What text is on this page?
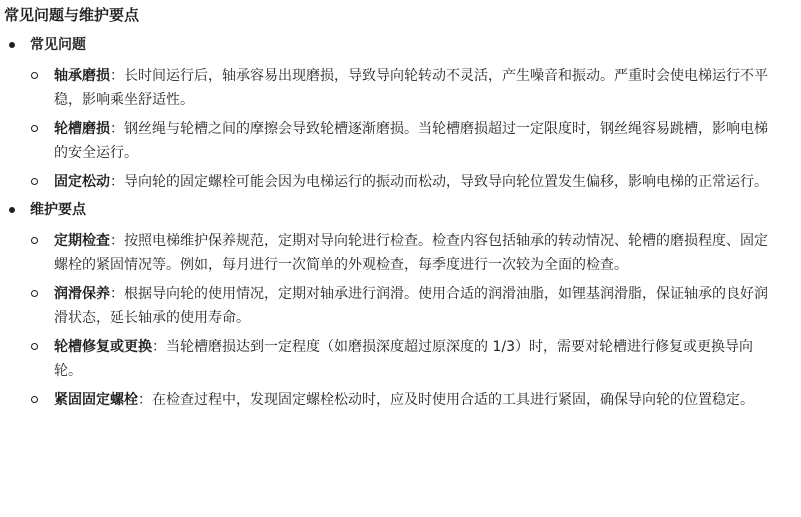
常见问题与维护要点
常见问题
轴承磨损：长时间运行后，轴承容易出现磨损，导致导向轮转动不灵活，产生噪音和振动。严重时会使电梯运行不平稳，影响乘坐舒适性。
轮槽磨损：钢丝绳与轮槽之间的摩擦会导致轮槽逐渐磨损。当轮槽磨损超过一定限度时，钢丝绳容易跳槽，影响电梯的安全运行。
固定松动：导向轮的固定螺栓可能会因为电梯运行的振动而松动，导致导向轮位置发生偏移，影响电梯的正常运行。
维护要点
定期检查：按照电梯维护保养规范，定期对导向轮进行检查。检查内容包括轴承的转动情况、轮槽的磨损程度、固定螺栓的紧固情况等。例如，每月进行一次简单的外观检查，每季度进行一次较为全面的检查。
润滑保养：根据导向轮的使用情况，定期对轴承进行润滑。使用合适的润滑油脂，如锂基润滑脂，保证轴承的良好润滑状态，延长轴承的使用寿命。
轮槽修复或更换：当轮槽磨损达到一定程度（如磨损深度超过原深度的 1/3）时，需要对轮槽进行修复或更换导向轮。
紧固固定螺栓：在检查过程中，发现固定螺栓松动时，应及时使用合适的工具进行紧固，确保导向轮的位置稳定。
